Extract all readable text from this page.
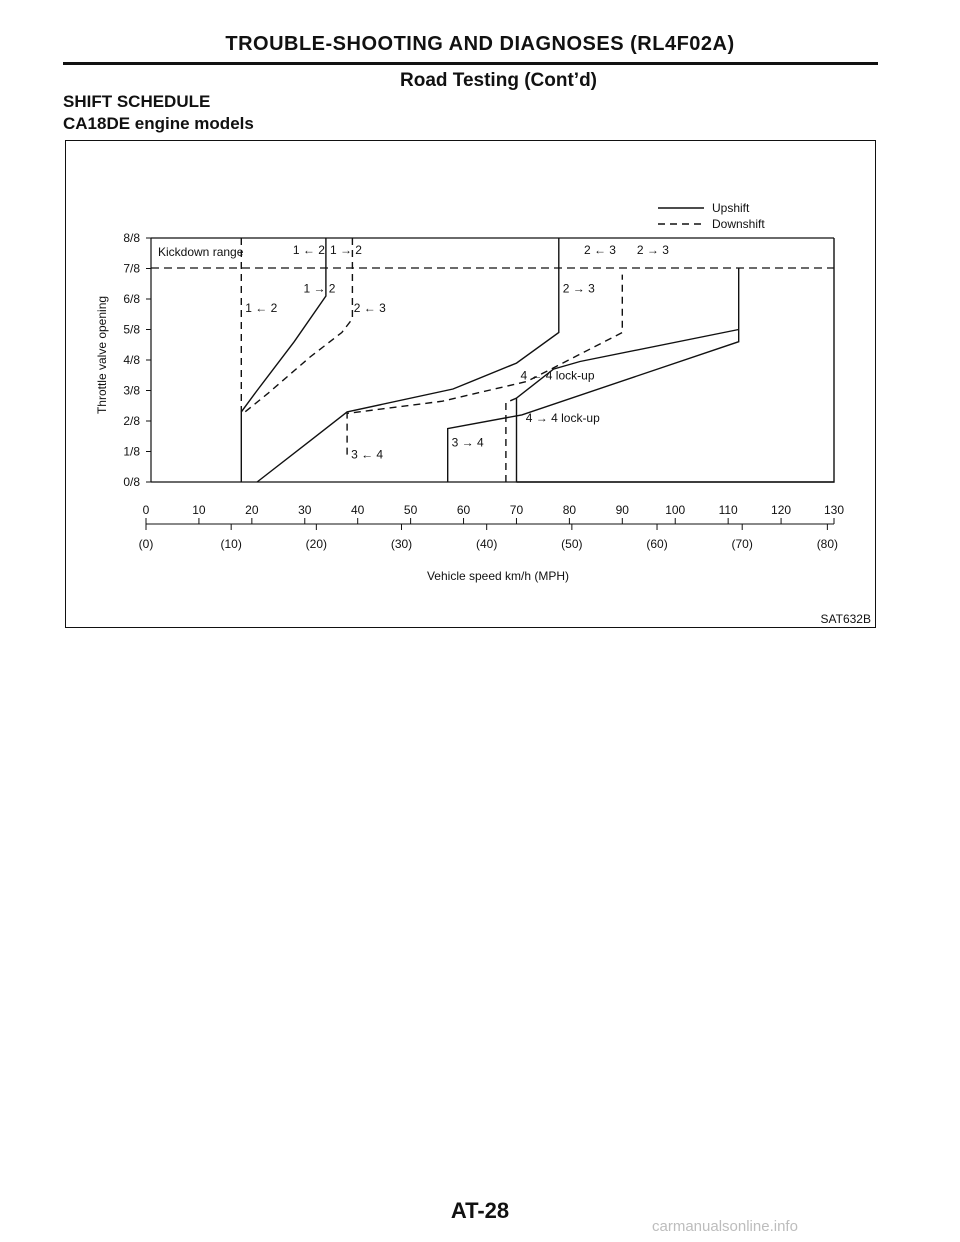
TROUBLE-SHOOTING AND DIAGNOSES (RL4F02A)
Road Testing (Cont’d)
SHIFT SCHEDULE
CA18DE engine models
Upshift
Downshift
Kickdown range
Vehicle speed km/h (MPH)
Throttle valve opening
SAT632B
0/8
1/8
2/8
3/8
4/8
5/8
6/8
7/8
8/8
0	10	20	30	40	50	60	70	80	90	100	110	120	130
(0)	(10)	(20)	(30)	(40)	(50)	(60)	(70)	(80)
1 ← 2
1 → 2
1 → 2
1 ← 2
2 ← 3
2 → 3
2 ← 3 2 → 3
3 ← 4
3 → 4
4 ← 4 lock-up
4 → 4 lock-up
AT-28
carmanualsonline.info
